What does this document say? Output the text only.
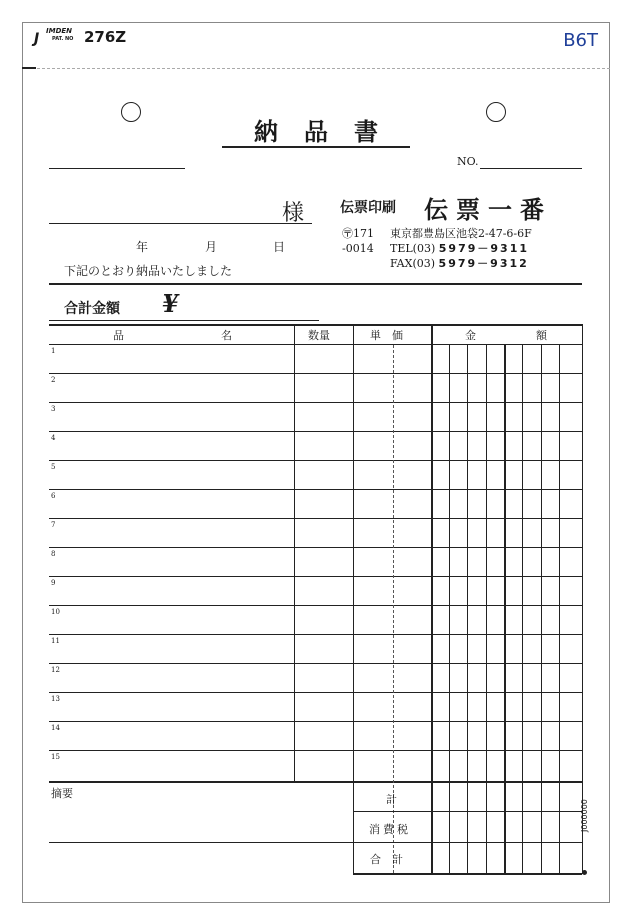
J IMDEN
PAT. NO 276Z	B6T
納品書
NO.
様	伝票印刷 伝票一番
〶171 東京都豊島区池袋2-47-6-6F
-0014 TEL(03) 5979－9311
FAX(03) 5979－9312
年	月	日
下記のとおり納品いたしました
合計金額 ¥
品	名	数量	単　価	金	額
1
2
3
4
5
6
7
8
9
10
11
12
13
14
15
摘要	計
消費税
合　計
J000000
